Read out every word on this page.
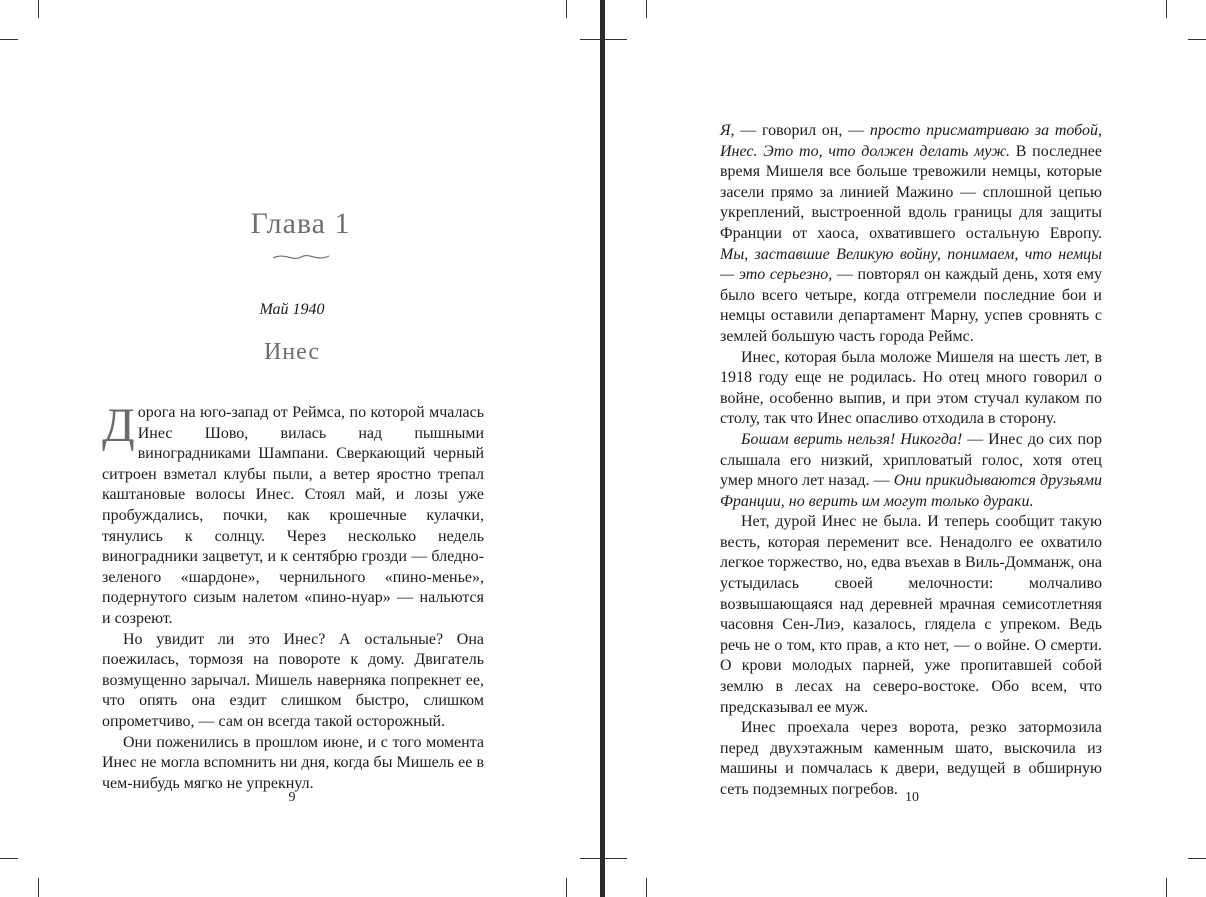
Глава 1
Май 1940
Инес

Дорога на юго-запад от Реймса, по которой мчалась Инес Шово, вилась над пышными виноградниками Шампани. Сверкающий черный ситроен взметал клубы пыли, а ветер яростно трепал каштановые волосы Инес. Стоял май, и лозы уже пробуждались, почки, как крошечные кулачки, тянулись к солнцу. Через несколько недель виноградники зацветут, и к сентябрю грозди — бледно-зеленого «шардоне», чернильного «пино-менье», подернутого сизым налетом «пино-нуар» — нальются и созреют.

Но увидит ли это Инес? А остальные? Она поежилась, тормозя на повороте к дому. Двигатель возмущенно зарычал. Мишель наверняка попрекнет ее, что опять она ездит слишком быстро, слишком опрометчиво, — сам он всегда такой осторожный.

Они поженились в прошлом июне, и с того момента Инес не могла вспомнить ни дня, когда бы Мишель ее в чем-нибудь мягко не упрекнул.

9

Я, — говорил он, — просто присматриваю за тобой, Инес. Это то, что должен делать муж. В последнее время Мишеля все больше тревожили немцы, которые засели прямо за линией Мажино — сплошной цепью укреплений, выстроенной вдоль границы для защиты Франции от хаоса, охватившего остальную Европу. Мы, заставшие Великую войну, понимаем, что немцы — это серьезно, — повторял он каждый день, хотя ему было всего четыре, когда отгремели последние бои и немцы оставили департамент Марну, успев сровнять с землей большую часть города Реймс.

Инес, которая была моложе Мишеля на шесть лет, в 1918 году еще не родилась. Но отец много говорил о войне, особенно выпив, и при этом стучал кулаком по столу, так что Инес опасливо отходила в сторону.

Бошам верить нельзя! Никогда! — Инес до сих пор слышала его низкий, хрипловатый голос, хотя отец умер много лет назад. — Они прикидываются друзьями Франции, но верить им могут только дураки.

Нет, дурой Инес не была. И теперь сообщит такую весть, которая переменит все. Ненадолго ее охватило легкое торжество, но, едва въехав в Виль-Домманж, она устыдилась своей мелочности: молчаливо возвышающаяся над деревней мрачная семисотлетняя часовня Сен-Лиэ, казалось, глядела с упреком. Ведь речь не о том, кто прав, а кто нет, — о войне. О смерти. О крови молодых парней, уже пропитавшей собой землю в лесах на северо-востоке. Обо всем, что предсказывал ее муж.

Инес проехала через ворота, резко затормозила перед двухэтажным каменным шато, выскочила из машины и помчалась к двери, ведущей в обширную сеть подземных погребов. 10
